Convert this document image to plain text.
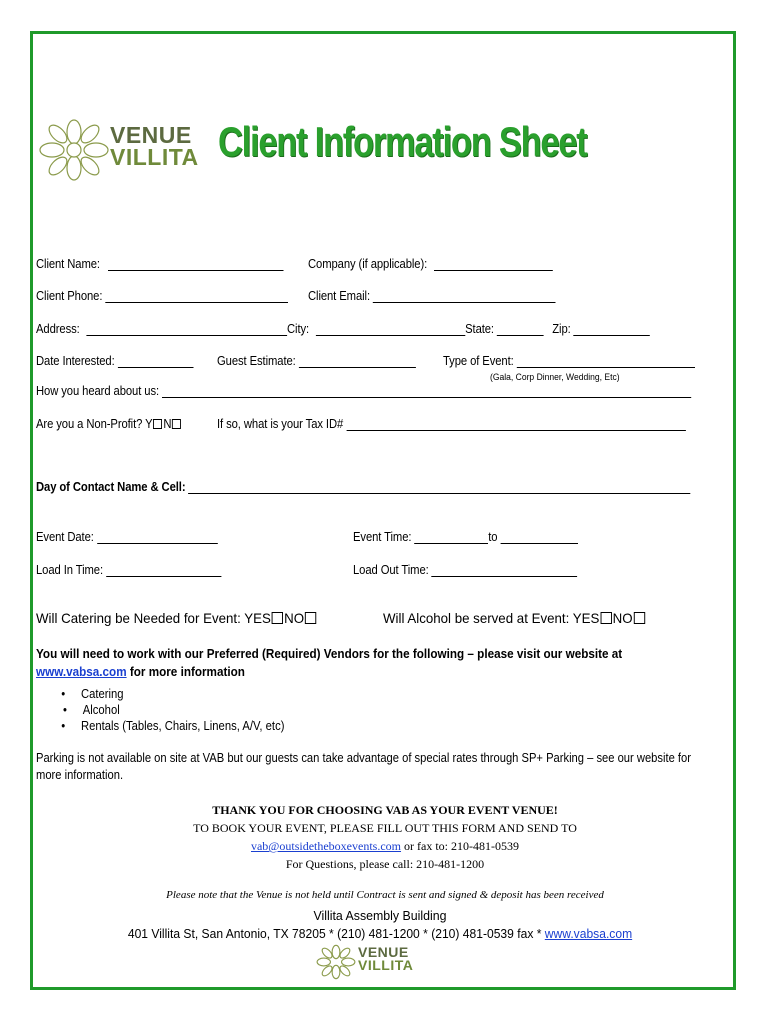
VENUE
VILLITA Client Information Sheet
Client Name:	Company (if applicable):
Client Phone:	Client Email:
Address:	City:	State:	Zip:
Date Interested:	Guest Estimate:	Type of Event:
(Gala, Corp Dinner, Wedding, Etc)
How you heard about us:
Are you a Non-Profit? Y N	If so, what is your Tax ID#
Day of Contact Name & Cell:
Event Date:	Event Time:	to
Load In Time:	Load Out Time:
Will Catering be Needed for Event: YES NO	Will Alcohol be served at Event: YES NO
You will need to work with our Preferred (Required) Vendors for the following – please visit our website at
www.vabsa.com for more information
• Catering
• Alcohol
• Rentals (Tables, Chairs, Linens, A/V, etc)
Parking is not available on site at VAB but our guests can take advantage of special rates through SP+ Parking – see our website for
more information.
THANK YOU FOR CHOOSING VAB AS YOUR EVENT VENUE!
TO BOOK YOUR EVENT, PLEASE FILL OUT THIS FORM AND SEND TO
vab@outsidetheboxevents.com or fax to: 210-481-0539
For Questions, please call: 210-481-1200
Please note that the Venue is not held until Contract is sent and signed & deposit has been received
Villita Assembly Building
401 Villita St, San Antonio, TX 78205 * (210) 481-1200 * (210) 481-0539 fax * www.vabsa.com
VENUE
VILLITA
